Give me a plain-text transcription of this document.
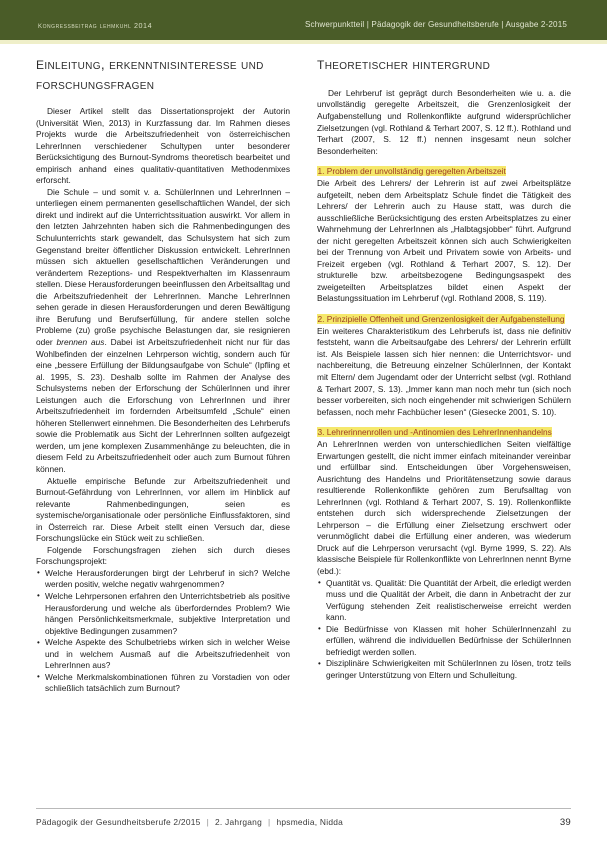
kongressbeitrag lehmkuhl 2014	Schwerpunktteil | Pädagogik der Gesundheitsberufe | Ausgabe 2-2015
einleitung, erkenntnisinteresse und forschungsfragen

Dieser Artikel stellt das Dissertationsprojekt der Autorin (Universität Wien, 2013) in Kurzfassung dar. Im Rahmen dieses Projekts wurde die Arbeitszufriedenheit von österreichischen LehrerInnen verschiedener Schultypen unter besonderer Berücksichtigung des Burnout-Syndroms theoretisch bearbeitet und empirisch anhand eines qualitativ-quantitativen Methodenmixes erforscht.

Die Schule – und somit v. a. SchülerInnen und LehrerInnen – unterliegen einem permanenten gesellschaftlichen Wandel, der sich direkt und indirekt auf die Unterrichtssituation auswirkt. Vor allem in den letzten Jahrzehnten haben sich die Rahmenbedingungen des Schulunterrichts stark gewandelt, das Schulsystem hat sich zum Gegenstand breiter öffentlicher Diskussion entwickelt. LehrerInnen müssen sich aktuellen gesellschaftlichen Veränderungen und verändertem Rezeptions- und Respektverhalten im Klassenraum stellen. Diese Herausforderungen beeinflussen den Arbeitsalltag und die Arbeitszufriedenheit der LehrerInnen. Manche LehrerInnen sehen gerade in diesen Herausforderungen und deren Bewältigung ihre Berufung und Berufserfüllung, für andere stellen solche Probleme (zu) große psychische Belastungen dar, sie resignieren oder brennen aus. Dabei ist Arbeitszufriedenheit nicht nur für das Wohlbefinden der einzelnen Lehrperson wichtig, sondern auch für eine „bessere Erfüllung der Bildungsaufgabe von Schule“ (Ipfling et al. 1995, S. 23). Deshalb sollte im Rahmen der Analyse des Schulsystems neben der Erforschung der SchülerInnen und ihrer Leistungen auch die Erforschung von LehrerInnen und ihrer Arbeitszufriedenheit im fordernden Arbeitsumfeld „Schule“ einen höheren Stellenwert einnehmen. Die Besonderheiten des Lehrberufs sowie die Problematik aus Sicht der LehrerInnen sollten aufgezeigt werden, um jene komplexen Zusammenhänge zu beleuchten, die in diesem Feld zu Arbeitszufriedenheit oder auch zum Burnout führen können.

Aktuelle empirische Befunde zur Arbeitszufriedenheit und Burnout-Gefährdung von LehrerInnen, vor allem im Hinblick auf relevante Rahmenbedingungen, seien es systemische/organisationale oder persönliche Einflussfaktoren, sind in Österreich rar. Diese Arbeit stellt einen Versuch dar, diese Forschungslücke ein Stück weit zu schließen.

Folgende Forschungsfragen ziehen sich durch dieses Forschungsprojekt:

• Welche Herausforderungen birgt der Lehrberuf in sich? Welche werden positiv, welche negativ wahrgenommen?
• Welche Lehrpersonen erfahren den Unterrichtsbetrieb als positive Herausforderung und welche als überforderndes Problem? Wie hängen Persönlichkeitsmerkmale, subjektive Interpretation und objektive Bedingungen zusammen?
• Welche Aspekte des Schulbetriebs wirken sich in welcher Weise und in welchem Ausmaß auf die Arbeitszufriedenheit von LehrerInnen aus?
• Welche Merkmalskombinationen führen zu Vorstadien von oder schließlich tatsächlich zum Burnout?
theoretischer hintergrund

Der Lehrberuf ist geprägt durch Besonderheiten wie u. a. die unvollständig geregelte Arbeitszeit, die Grenzenlosigkeit der Aufgabenstellung und Rollenkonflikte aufgrund widersprüchlicher Zielsetzungen (vgl. Rothland & Terhart 2007, S. 12 ff.). Rothland und Terhart (2007, S. 12 ff.) nennen insgesamt neun solcher Besonderheiten:

1. Problem der unvollständig geregelten Arbeitszeit

Die Arbeit des Lehrers/ der Lehrerin ist auf zwei Arbeitsplätze aufgeteilt, neben dem Arbeitsplatz Schule findet die Tätigkeit des Lehrers/ der Lehrerin auch zu Hause statt, was durch die ausschließliche Berücksichtigung des ersten Arbeitsplatzes zu einer Wahrnehmung der LehrerInnen als „Halbtagsjobber“ führt. Aufgrund der nicht geregelten Arbeitszeit können sich auch Schwierigkeiten bei der Trennung von Arbeit und Privatem sowie von Arbeits- und Freizeit ergeben (vgl. Rothland & Terhart 2007, S. 12). Der strukturelle bzw. arbeitsbezogene Bedingungsaspekt des zweigeteilten Arbeitsplatzes bildet einen Aspekt der Belastungssituation im Lehrberuf (vgl. Rothland 2008, S. 119).

2. Prinzipielle Offenheit und Grenzenlosigkeit der Aufgabenstellung

Ein weiteres Charakteristikum des Lehrberufs ist, dass nie definitiv feststeht, wann die Arbeitsaufgabe des Lehrers/ der Lehrerin erfüllt ist. Als Beispiele lassen sich hier nennen: die Unterrichtsvor- und nachbereitung, die Betreuung einzelner SchülerInnen, der Kontakt mit Eltern/ dem Jugendamt oder der Unterricht selbst (vgl. Rothland & Terhart 2007, S. 13). „Immer kann man noch mehr tun (sich noch besser vorbereiten, sich noch eingehender mit schwierigen Schülern befassen, noch mehr Fachbücher lesen“ (Giesecke 2001, S. 10).

3. Lehrerinnenrollen und -Antinomien des LehrerInnenhandelns

An LehrerInnen werden von unterschiedlichen Seiten vielfältige Erwartungen gestellt, die nicht immer einfach miteinander vereinbar und erfüllbar sind. Entscheidungen über Vorgehensweisen, Ausrichtung des Handelns und Prioritätensetzung sowie daraus resultierende Rollenkonflikte gehören zum Berufsalltag von LehrerInnen (vgl. Rothland & Terhart 2007, S. 19). Rollenkonflikte entstehen durch sich widersprechende Zielsetzungen der Lehrperson – die Erfüllung einer Zielsetzung erschwert oder verunmöglicht dabei die Erfüllung einer anderen, was wiederum Druck auf die Lehrperson verursacht (vgl. Byrne 1999, S. 22). Als klassische Beispiele für Rollenkonflikte von LehrerInnen nennt Byrne (ebd.):

• Quantität vs. Qualität: Die Quantität der Arbeit, die erledigt werden muss und die Qualität der Arbeit, die dann in Anbetracht der zur Verfügung stehenden Zeit realistischerweise erreicht werden kann.
• Die Bedürfnisse von Klassen mit hoher SchülerInnenzahl zu erfüllen, während die individuellen Bedürfnisse der SchülerInnen befriedigt werden sollen.
• Disziplinäre Schwierigkeiten mit SchülerInnen zu lösen, trotz teils geringer Unterstützung von Eltern und Schulleitung.
Pädagogik der Gesundheitsberufe 2/2015 | 2. Jahrgang | hpsmedia, Nidda	39
